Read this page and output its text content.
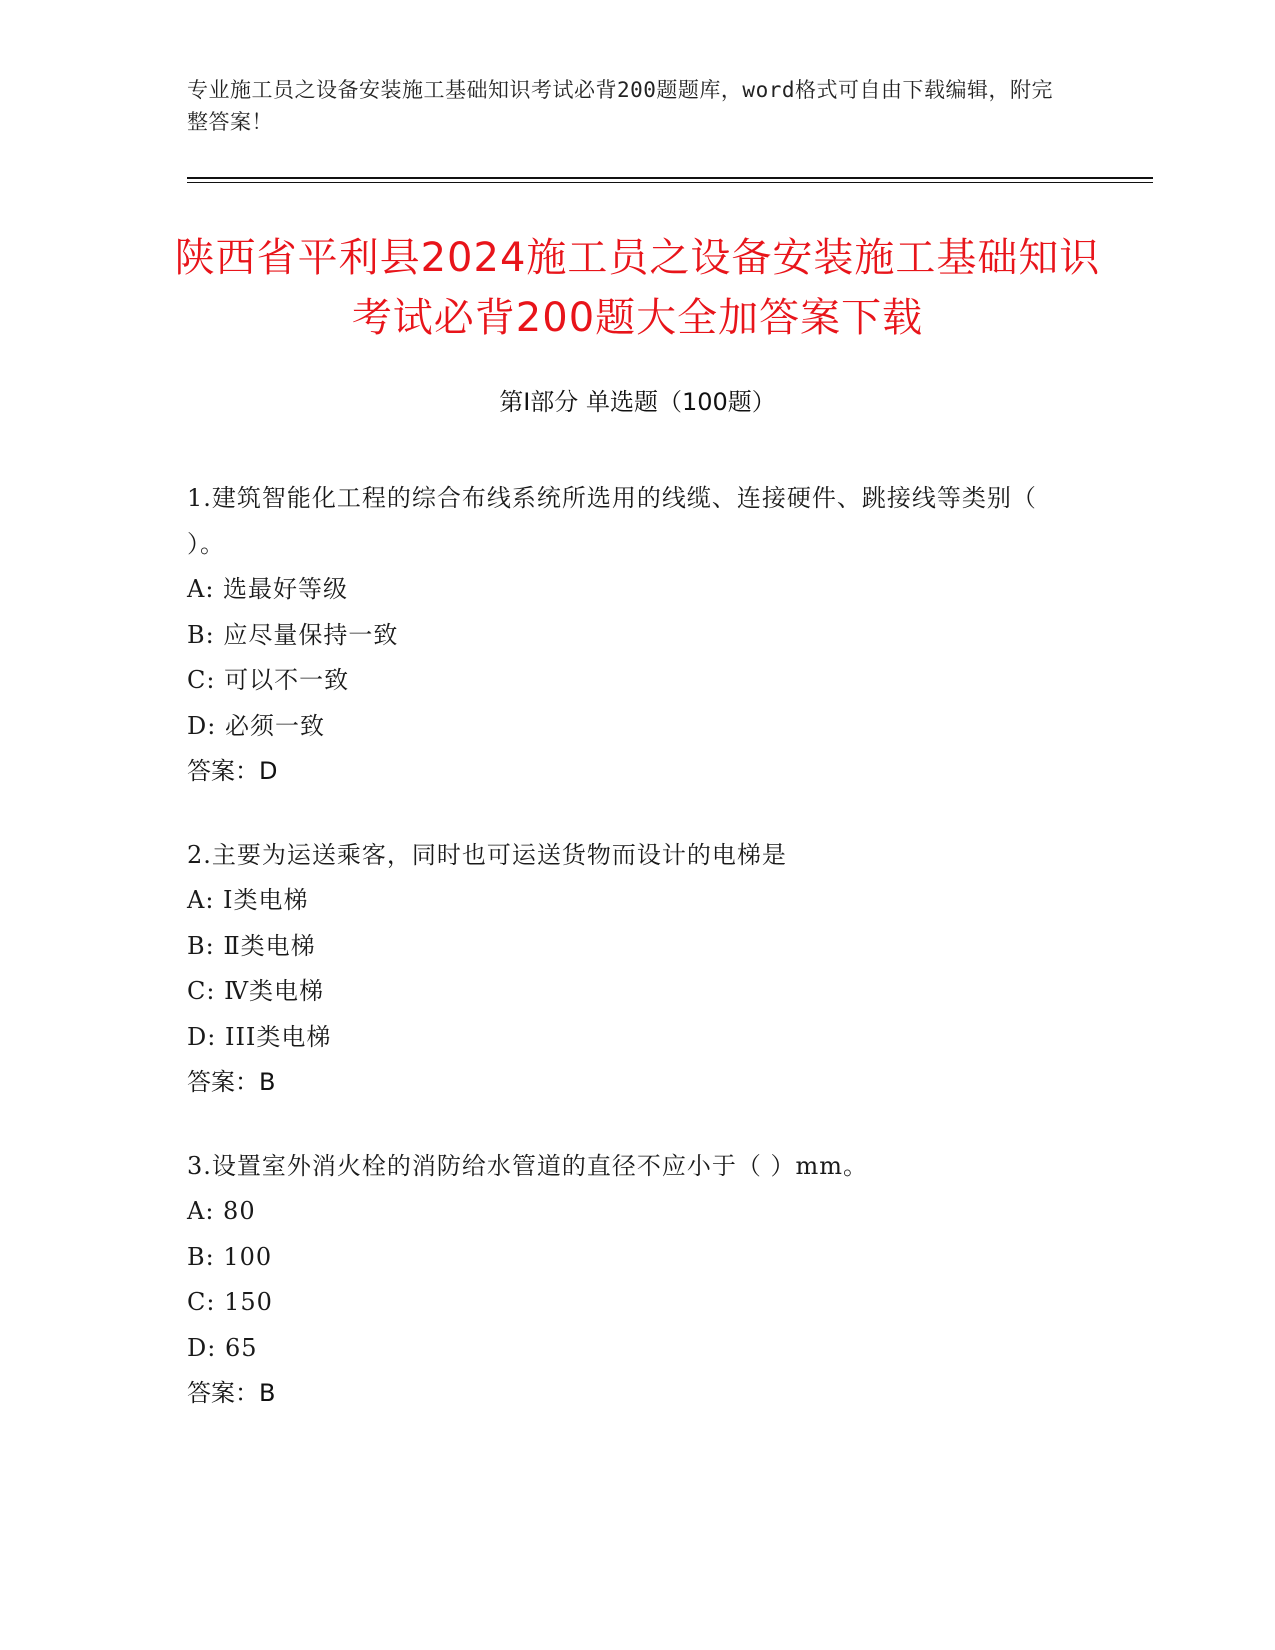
专业施工员之设备安装施工基础知识考试必背200题题库，word格式可自由下载编辑，附完整答案！
陕西省平利县2024施工员之设备安装施工基础知识考试必背200题大全加答案下载
第I部分 单选题（100题）
1.建筑智能化工程的综合布线系统所选用的线缆、连接硬件、跳接线等类别（ ）。
A: 选最好等级
B: 应尽量保持一致
C: 可以不一致
D: 必须一致
答案：D
2.主要为运送乘客，同时也可运送货物而设计的电梯是
A: I类电梯
B: Ⅱ类电梯
C: Ⅳ类电梯
D: III类电梯
答案：B
3.设置室外消火栓的消防给水管道的直径不应小于（ ）mm。
A: 80
B: 100
C: 150
D: 65
答案：B
